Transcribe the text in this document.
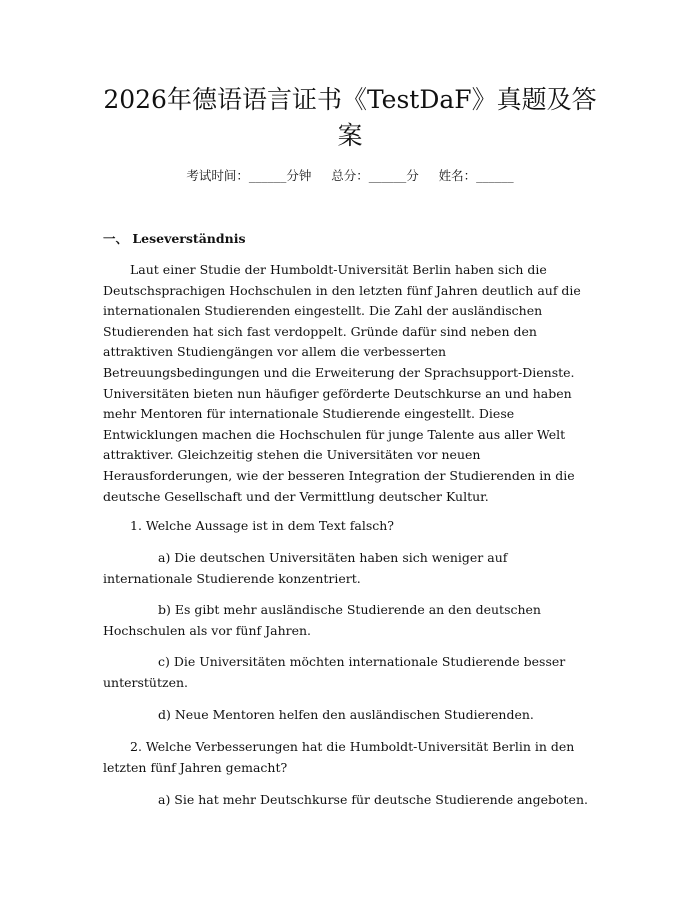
2026年德语语言证书《TestDaF》真题及答案
考试时间：______分钟     总分：______分     姓名：______
一、 Leseverständnis

Laut einer Studie der Humboldt-Universität Berlin haben sich die Deutschsprachigen Hochschulen in den letzten fünf Jahren deutlich auf die internationalen Studierenden eingestellt. Die Zahl der ausländischen Studierenden hat sich fast verdoppelt. Gründe dafür sind neben den attraktiven Studiengängen vor allem die verbesserten Betreuungsbedingungen und die Erweiterung der Sprachsupport-Dienste. Universitäten bieten nun häufiger geförderte Deutschkurse an und haben mehr Mentoren für internationale Studierende eingestellt. Diese Entwicklungen machen die Hochschulen für junge Talente aus aller Welt attraktiver. Gleichzeitig stehen die Universitäten vor neuen Herausforderungen, wie der besseren Integration der Studierenden in die deutsche Gesellschaft und der Vermittlung deutscher Kultur.

1. Welche Aussage ist in dem Text falsch?

a) Die deutschen Universitäten haben sich weniger auf internationale Studierende konzentriert.

b) Es gibt mehr ausländische Studierende an den deutschen Hochschulen als vor fünf Jahren.

c) Die Universitäten möchten internationale Studierende besser unterstützen.

d) Neue Mentoren helfen den ausländischen Studierenden.

2. Welche Verbesserungen hat die Humboldt-Universität Berlin in den letzten fünf Jahren gemacht?

a) Sie hat mehr Deutschkurse für deutsche Studierende angeboten.
